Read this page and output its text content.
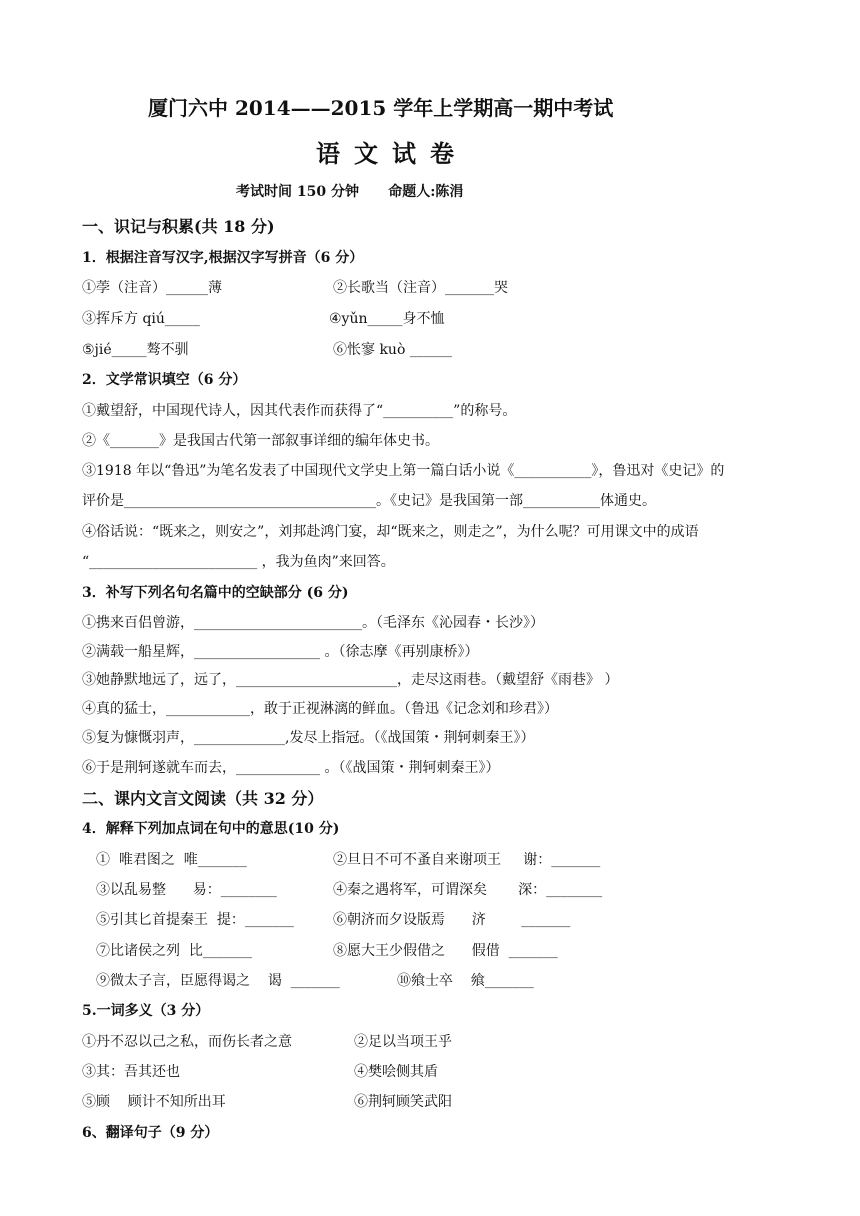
厦门六中 2014——2015 学年上学期高一期中考试
语文试卷
考试时间 150 分钟      命题人:陈涓
一、识记与积累(共 18 分)
1．根据注音写汉字,根据汉字写拼音（6 分）
①荸（注音）______薄	②长歌当（注音）_______哭
③挥斥方 qiú_____	④yǔn_____身不恤
⑤jié_____骜不驯	⑥怅寥 kuò ______
2．文学常识填空（6 分）
①戴望舒，中国现代诗人，因其代表作而获得了“__________”的称号。
②《_______》是我国古代第一部叙事详细的编年体史书。
③1918 年以“鲁迅”为笔名发表了中国现代文学史上第一篇白话小说《___________》，鲁迅对《史记》的
评价是____________________________________。《史记》是我国第一部___________体通史。
④俗话说：“既来之，则安之”，刘邦赴鸿门宴，却“既来之，则走之”，为什么呢？可用课文中的成语
“________________________ ，我为鱼肉”来回答。
3．补写下列名句名篇中的空缺部分 (6 分)
①携来百侣曾游，________________________。（毛泽东《沁园春・长沙》）
②满载一船星辉，__________________ 。（徐志摩《再别康桥》）
③她静默地远了，远了，_______________________，走尽这雨巷。（戴望舒《雨巷》 ）
④真的猛士，____________，敢于正视淋漓的鲜血。（鲁迅《记念刘和珍君》）
⑤复为慷慨羽声，_____________,发尽上指冠。（《战国策・荆轲刺秦王》）
⑥于是荆轲遂就车而去，____________ 。（《战国策・荆轲刺秦王》）
二、课内文言文阅读（共 32 分）
4．解释下列加点词在句中的意思(10 分)
①  唯君图之  唯_______	②旦日不可不蚤自来谢项王     谢：_______
③以乱易整      易：________	④秦之遇将军，可谓深矣       深：________
⑤引其匕首提秦王  提：_______	⑥朝济而夕设版焉      济        _______
⑦比诸侯之列  比_______	⑧愿大王少假借之      假借  _______
⑨微太子言，臣愿得谒之    谒  _______	⑩飨士卒    飨_______
5.一词多义（3 分）
①丹不忍以己之私，而伤长者之意	②足以当项王乎
③其：吾其还也	④樊哙侧其盾
⑤顾    顾计不知所出耳	⑥荆轲顾笑武阳
6、翻译句子（9 分）
